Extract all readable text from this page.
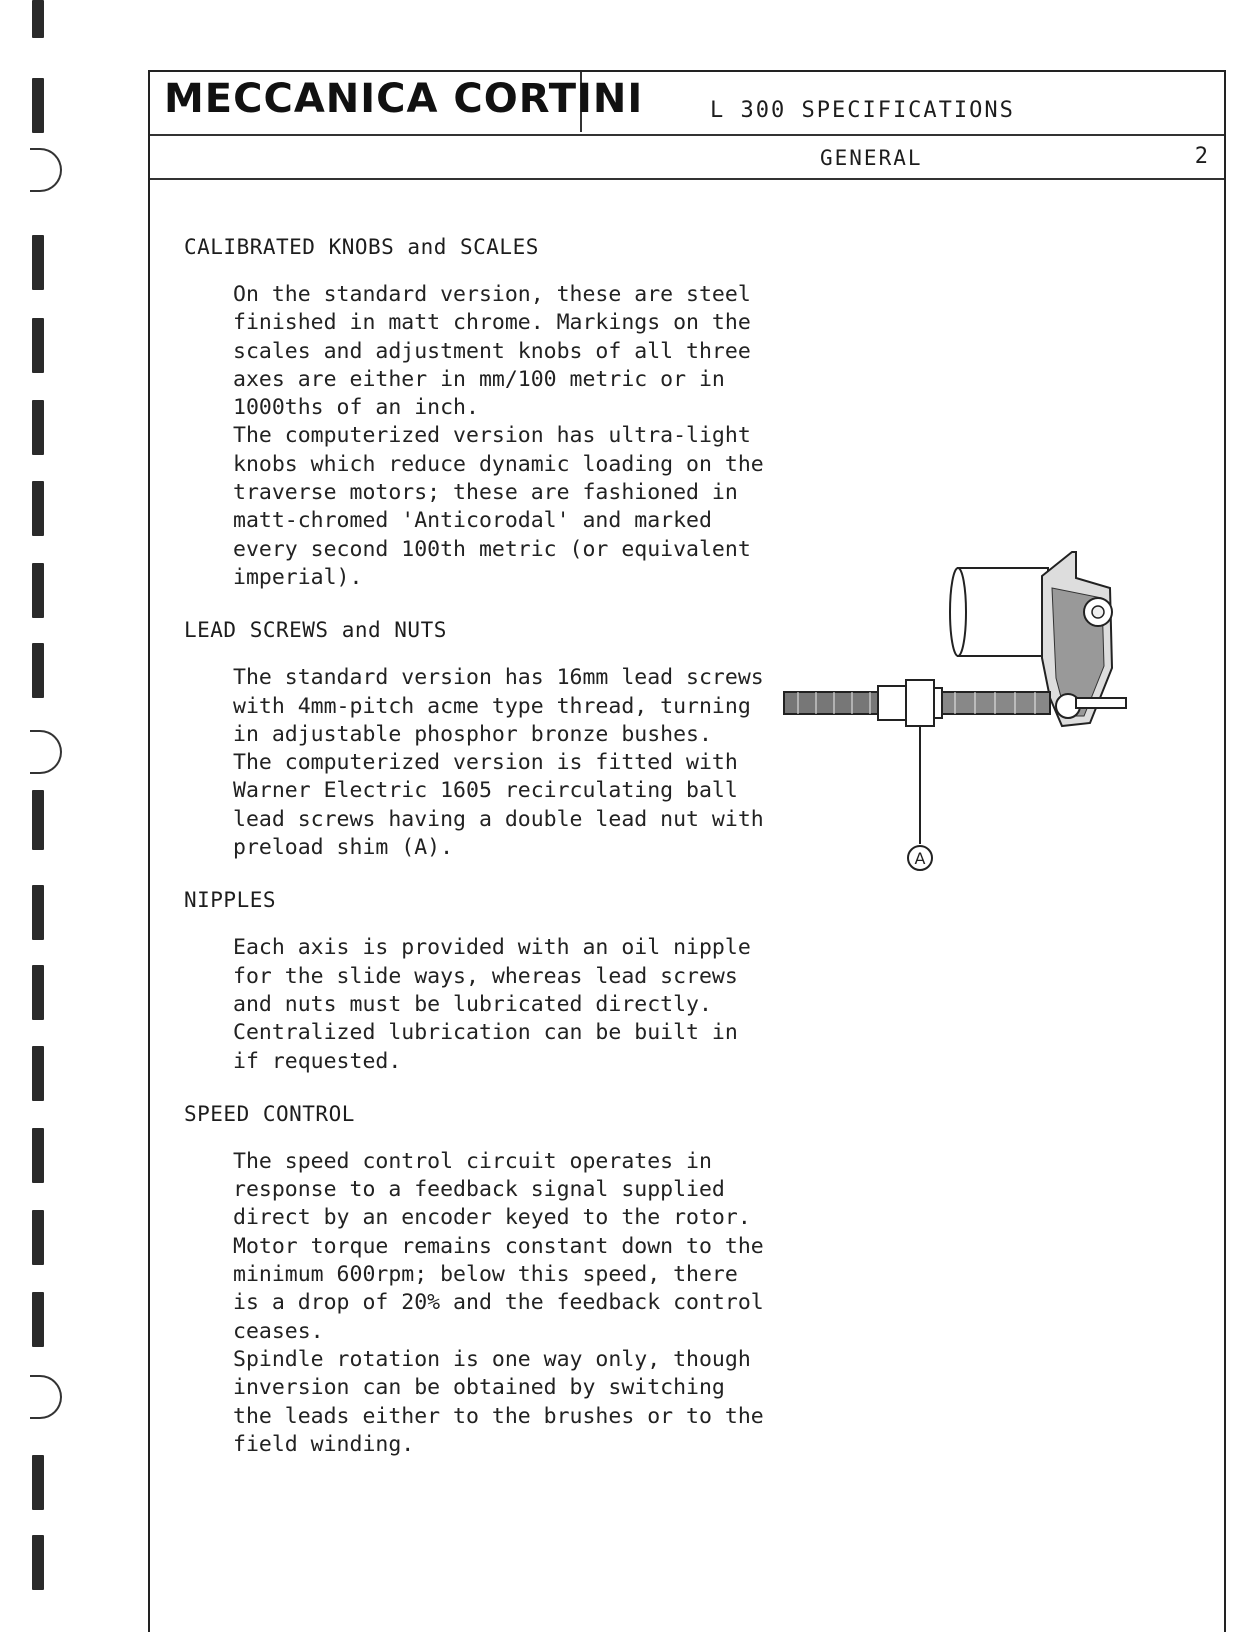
MECCANICA CORTINI	L 300 SPECIFICATIONS
GENERAL	2
CALIBRATED KNOBS and SCALES
On the standard version, these are steel
finished in matt chrome. Markings on the
scales and adjustment knobs of all three
axes are either in mm/100 metric or in
1000ths of an inch.
The computerized version has ultra-light
knobs which reduce dynamic loading on the
traverse motors; these are fashioned in
matt-chromed 'Anticorodal' and marked
every second 100th metric (or equivalent
imperial).
LEAD SCREWS and NUTS
The standard version has 16mm lead screws
with 4mm-pitch acme type thread, turning
in adjustable phosphor bronze bushes.
The computerized version is fitted with
Warner Electric 1605 recirculating ball
lead screws having a double lead nut with
preload shim (A).
NIPPLES
Each axis is provided with an oil nipple
for the slide ways, whereas lead screws
and nuts must be lubricated directly.
Centralized lubrication can be built in
if requested.
SPEED CONTROL
The speed control circuit operates in
response to a feedback signal supplied
direct by an encoder keyed to the rotor.
Motor torque remains constant down to the
minimum 600rpm; below this speed, there
is a drop of 20% and the feedback control
ceases.
Spindle rotation is one way only, though
inversion can be obtained by switching
the leads either to the brushes or to the
field winding.
A
